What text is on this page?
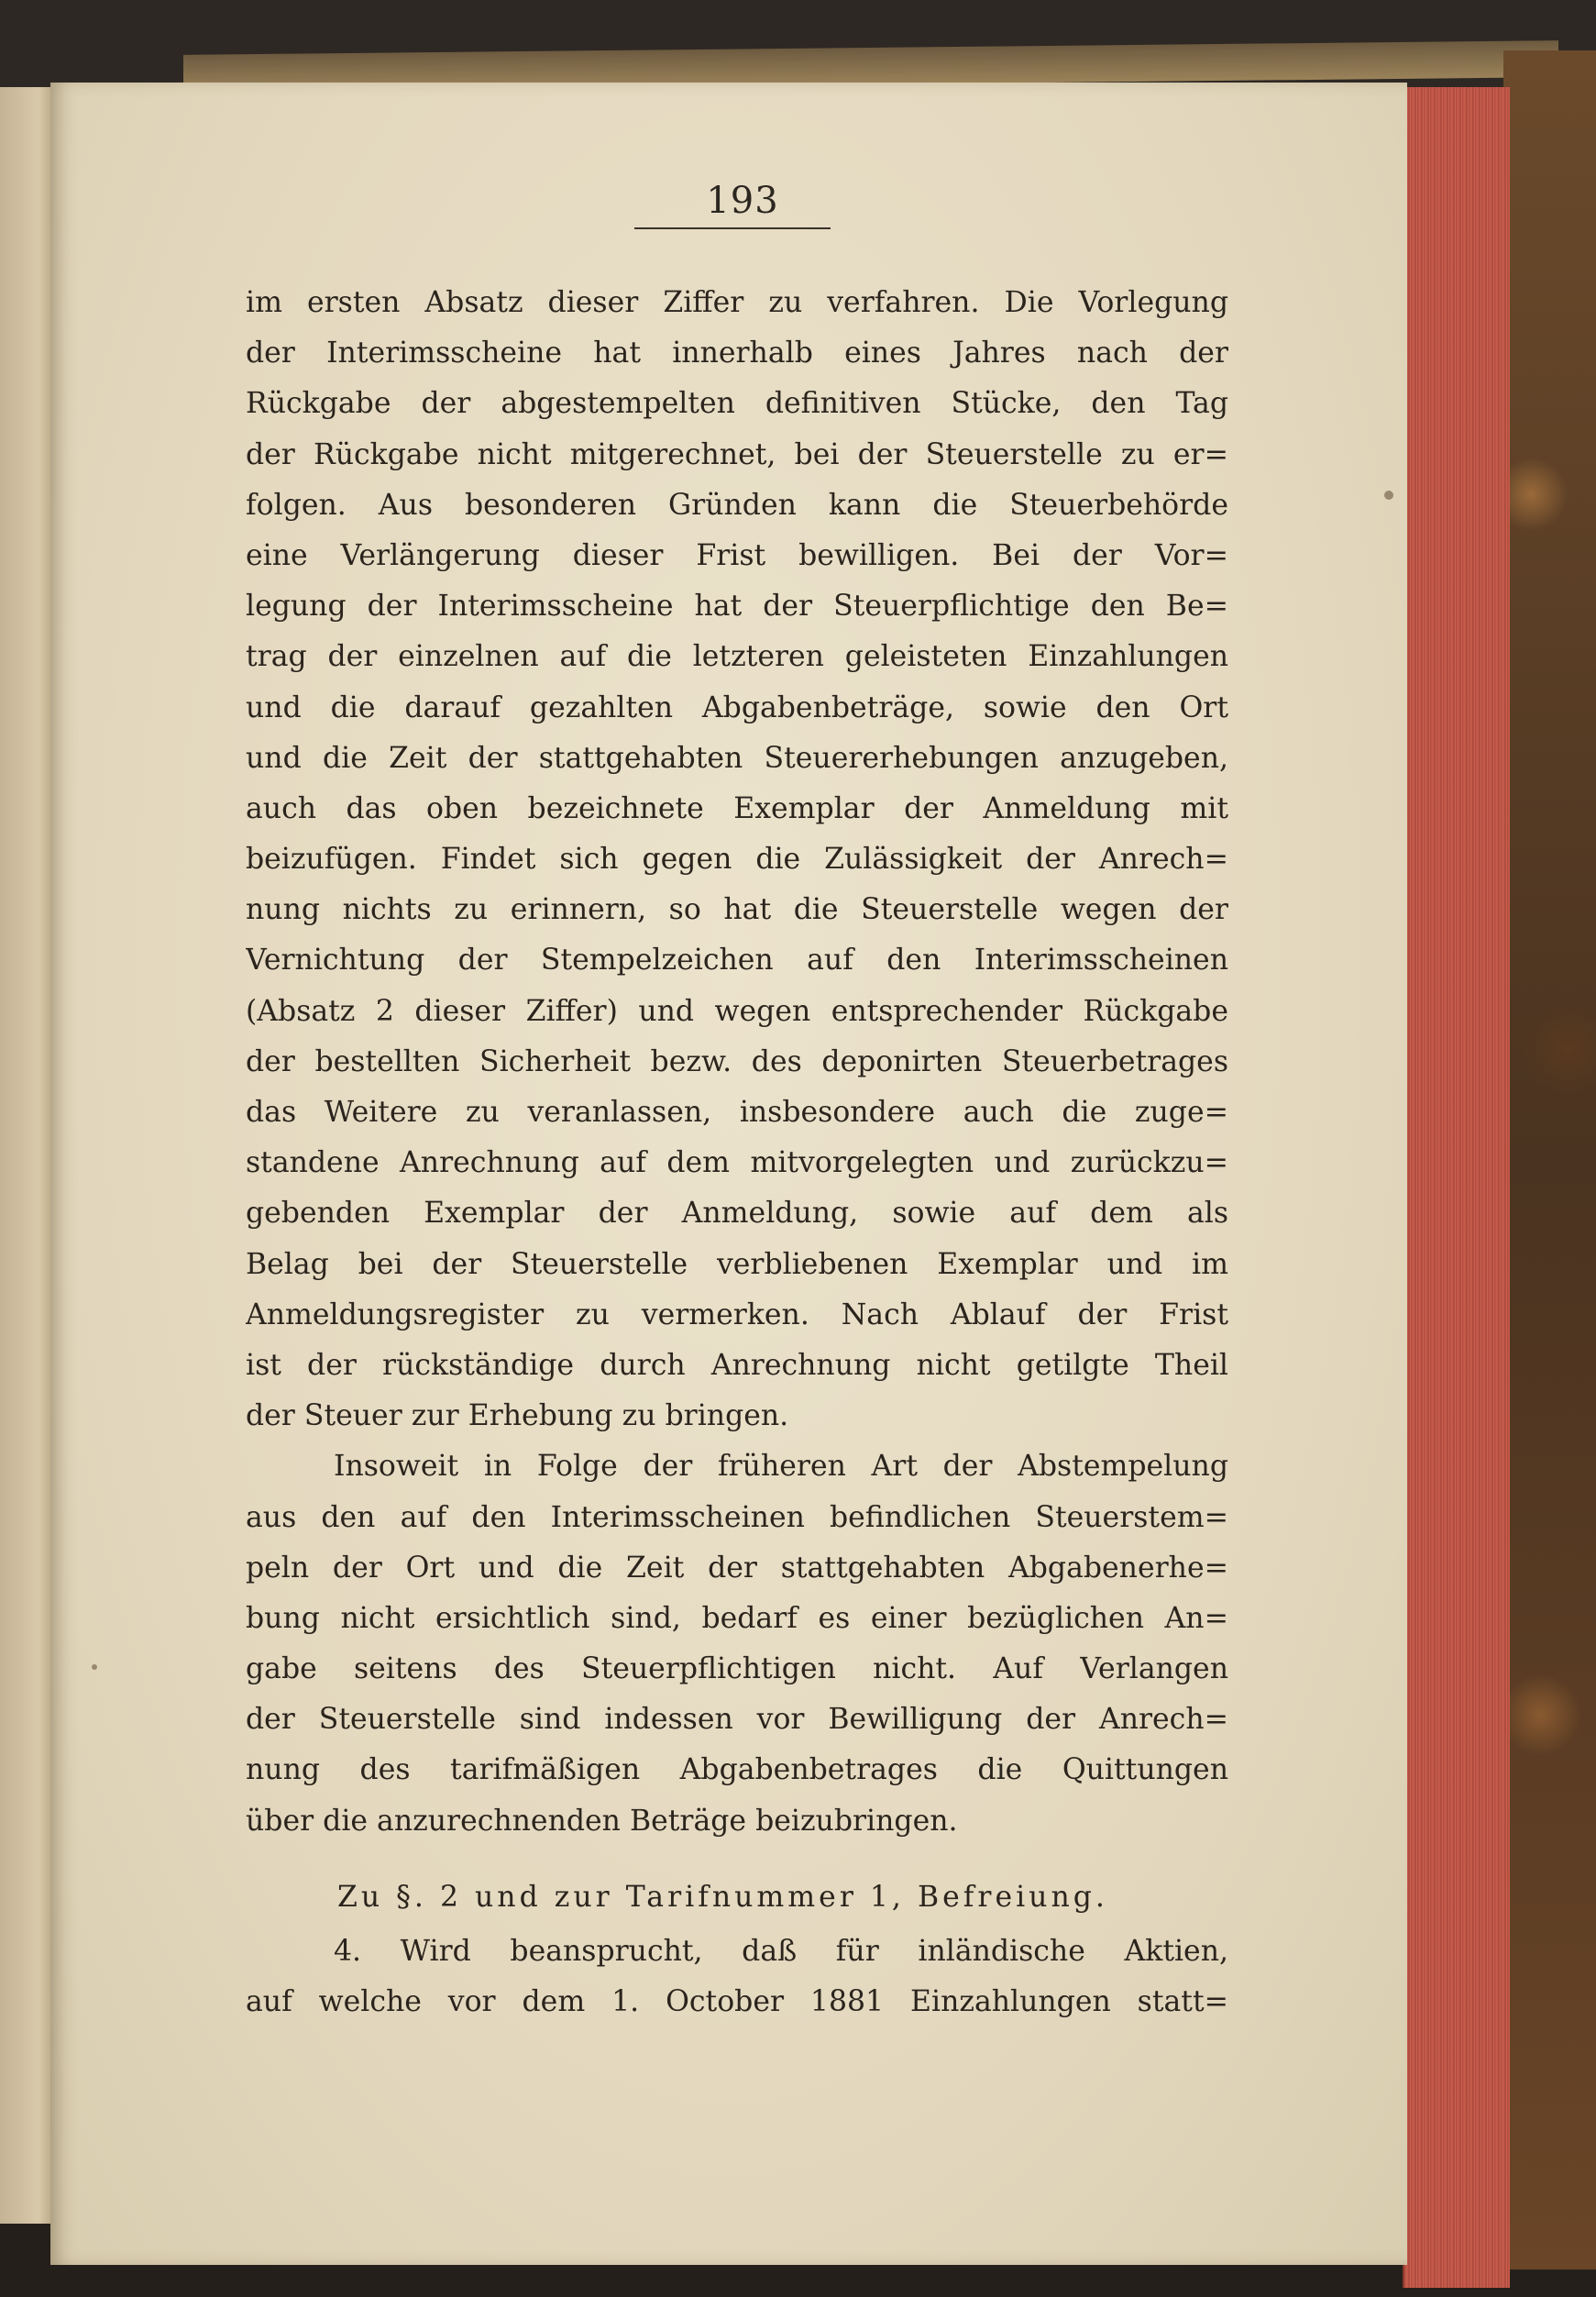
193
im ersten Absatz dieser Ziffer zu verfahren. Die Vorlegung
der Interimsscheine hat innerhalb eines Jahres nach der
Rückgabe der abgestempelten definitiven Stücke, den Tag
der Rückgabe nicht mitgerechnet, bei der Steuerstelle zu er=
folgen. Aus besonderen Gründen kann die Steuerbehörde
eine Verlängerung dieser Frist bewilligen. Bei der Vor=
legung der Interimsscheine hat der Steuerpflichtige den Be=
trag der einzelnen auf die letzteren geleisteten Einzahlungen
und die darauf gezahlten Abgabenbeträge, sowie den Ort
und die Zeit der stattgehabten Steuererhebungen anzugeben,
auch das oben bezeichnete Exemplar der Anmeldung mit
beizufügen. Findet sich gegen die Zulässigkeit der Anrech=
nung nichts zu erinnern, so hat die Steuerstelle wegen der
Vernichtung der Stempelzeichen auf den Interimsscheinen
(Absatz 2 dieser Ziffer) und wegen entsprechender Rückgabe
der bestellten Sicherheit bezw. des deponirten Steuerbetrages
das Weitere zu veranlassen, insbesondere auch die zuge=
standene Anrechnung auf dem mitvorgelegten und zurückzu=
gebenden Exemplar der Anmeldung, sowie auf dem als
Belag bei der Steuerstelle verbliebenen Exemplar und im
Anmeldungsregister zu vermerken. Nach Ablauf der Frist
ist der rückständige durch Anrechnung nicht getilgte Theil
der Steuer zur Erhebung zu bringen.
Insoweit in Folge der früheren Art der Abstempelung
aus den auf den Interimsscheinen befindlichen Steuerstem=
peln der Ort und die Zeit der stattgehabten Abgabenerhe=
bung nicht ersichtlich sind, bedarf es einer bezüglichen An=
gabe seitens des Steuerpflichtigen nicht. Auf Verlangen
der Steuerstelle sind indessen vor Bewilligung der Anrech=
nung des tarifmäßigen Abgabenbetrages die Quittungen
über die anzurechnenden Beträge beizubringen.
Zu §. 2 und zur Tarifnummer 1, Befreiung.
4. Wird beansprucht, daß für inländische Aktien,
auf welche vor dem 1. October 1881 Einzahlungen statt=
